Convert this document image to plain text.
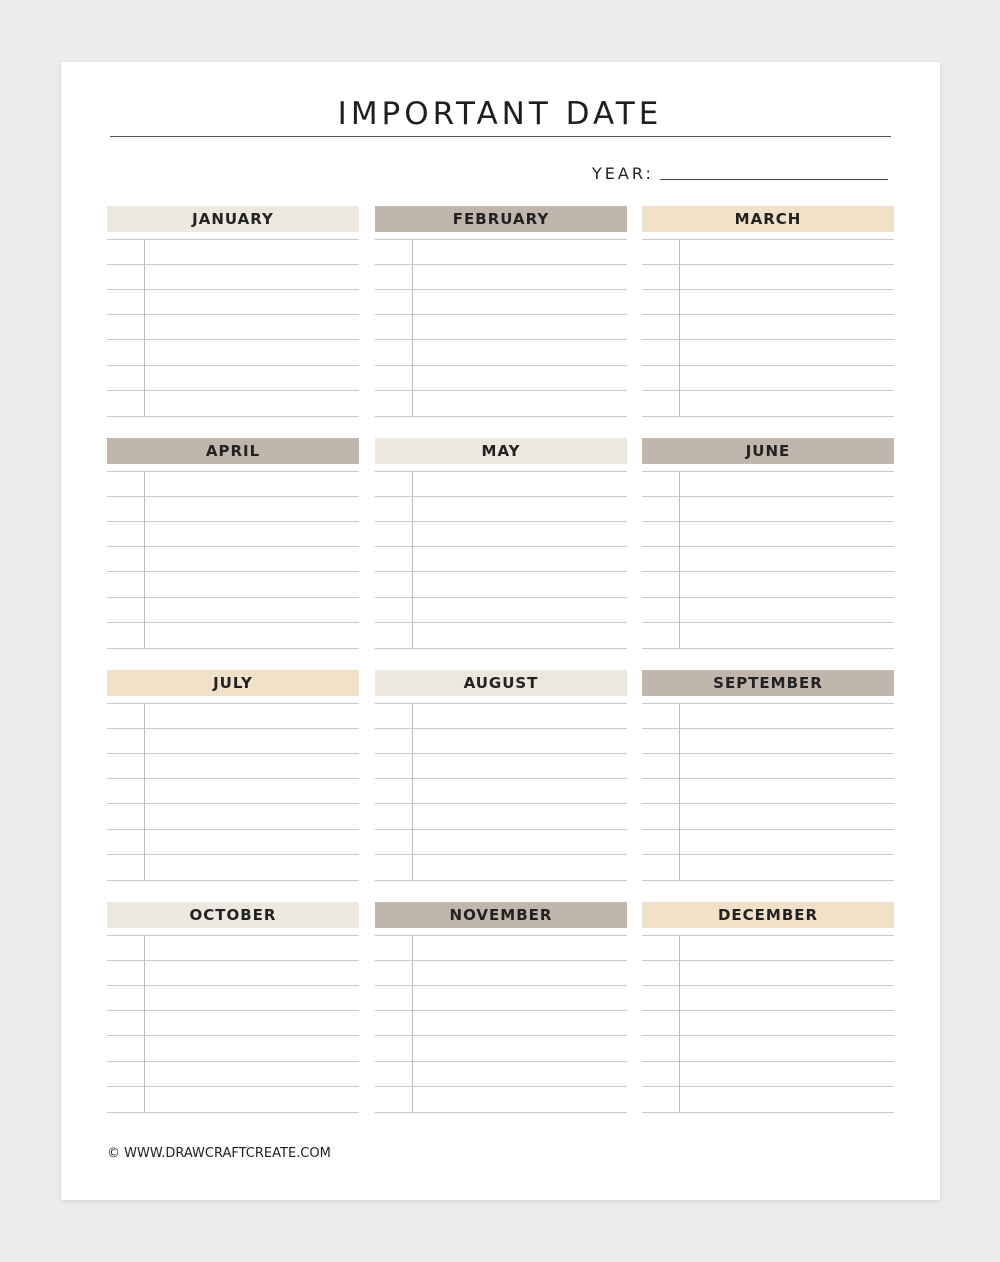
IMPORTANT DATE
YEAR:
JANUARY	FEBRUARY	MARCH
APRIL	MAY	JUNE
JULY	AUGUST	SEPTEMBER
OCTOBER	NOVEMBER	DECEMBER
© WWW.DRAWCRAFTCREATE.COM
